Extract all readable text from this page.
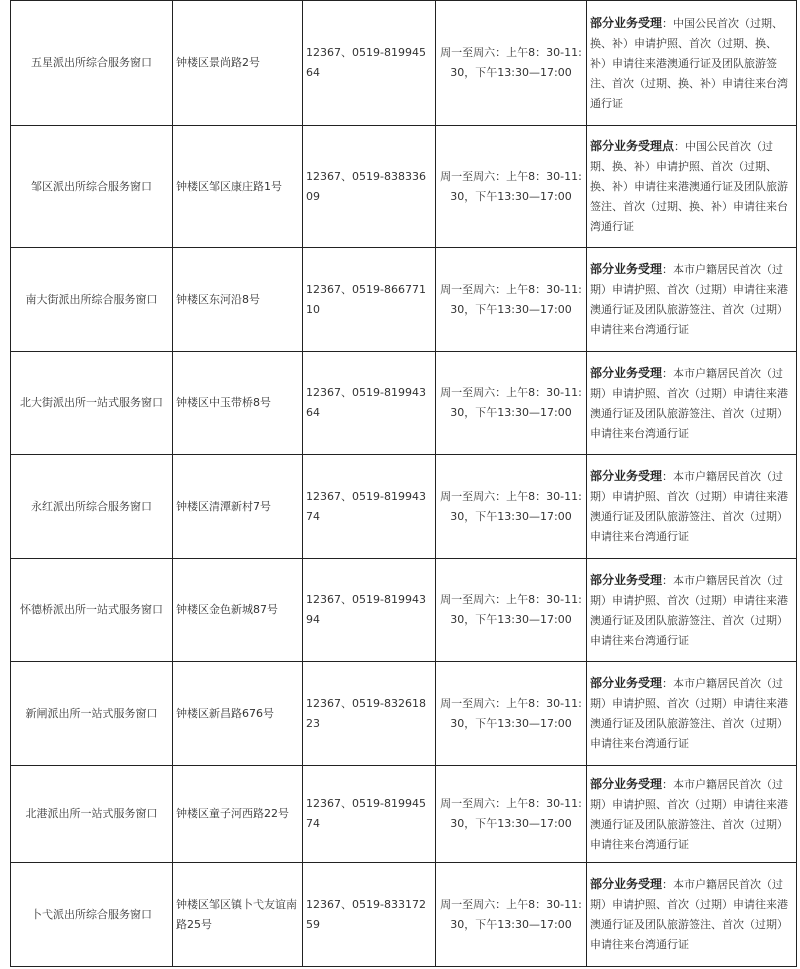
五星派出所综合服务窗口	钟楼区景尚路2号	12367、0519-81994564	周一至周六：上午8：30-11:30，下午13:30—17:00	部分业务受理：中国公民首次（过期、换、补）申请护照、首次（过期、换、补）申请往来港澳通行证及团队旅游签注、首次（过期、换、补）申请往来台湾通行证
邹区派出所综合服务窗口	钟楼区邹区康庄路1号	12367、0519-83833609	周一至周六：上午8：30-11:30，下午13:30—17:00	部分业务受理点：中国公民首次（过期、换、补）申请护照、首次（过期、换、补）申请往来港澳通行证及团队旅游签注、首次（过期、换、补）申请往来台湾通行证
南大街派出所综合服务窗口	钟楼区东河沿8号	12367、0519-86677110	周一至周六：上午8：30-11:30，下午13:30—17:00	部分业务受理：本市户籍居民首次（过期）申请护照、首次（过期）申请往来港澳通行证及团队旅游签注、首次（过期）申请往来台湾通行证
北大街派出所一站式服务窗口	钟楼区中玉带桥8号	12367、0519-81994364	周一至周六：上午8：30-11:30，下午13:30—17:00	部分业务受理：本市户籍居民首次（过期）申请护照、首次（过期）申请往来港澳通行证及团队旅游签注、首次（过期）申请往来台湾通行证
永红派出所综合服务窗口	钟楼区清潭新村7号	12367、0519-81994374	周一至周六：上午8：30-11:30，下午13:30—17:00	部分业务受理：本市户籍居民首次（过期）申请护照、首次（过期）申请往来港澳通行证及团队旅游签注、首次（过期）申请往来台湾通行证
怀德桥派出所一站式服务窗口	钟楼区金色新城87号	12367、0519-81994394	周一至周六：上午8：30-11:30，下午13:30—17:00	部分业务受理：本市户籍居民首次（过期）申请护照、首次（过期）申请往来港澳通行证及团队旅游签注、首次（过期）申请往来台湾通行证
新闸派出所一站式服务窗口	钟楼区新昌路676号	12367、0519-83261823	周一至周六：上午8：30-11:30，下午13:30—17:00	部分业务受理：本市户籍居民首次（过期）申请护照、首次（过期）申请往来港澳通行证及团队旅游签注、首次（过期）申请往来台湾通行证
北港派出所一站式服务窗口	钟楼区童子河西路22号	12367、0519-81994574	周一至周六：上午8：30-11:30，下午13:30—17:00	部分业务受理：本市户籍居民首次（过期）申请护照、首次（过期）申请往来港澳通行证及团队旅游签注、首次（过期）申请往来台湾通行证
卜弋派出所综合服务窗口	钟楼区邹区镇卜弋友谊南路25号	12367、0519-83317259	周一至周六：上午8：30-11:30，下午13:30—17:00	部分业务受理：本市户籍居民首次（过期）申请护照、首次（过期）申请往来港澳通行证及团队旅游签注、首次（过期）申请往来台湾通行证
